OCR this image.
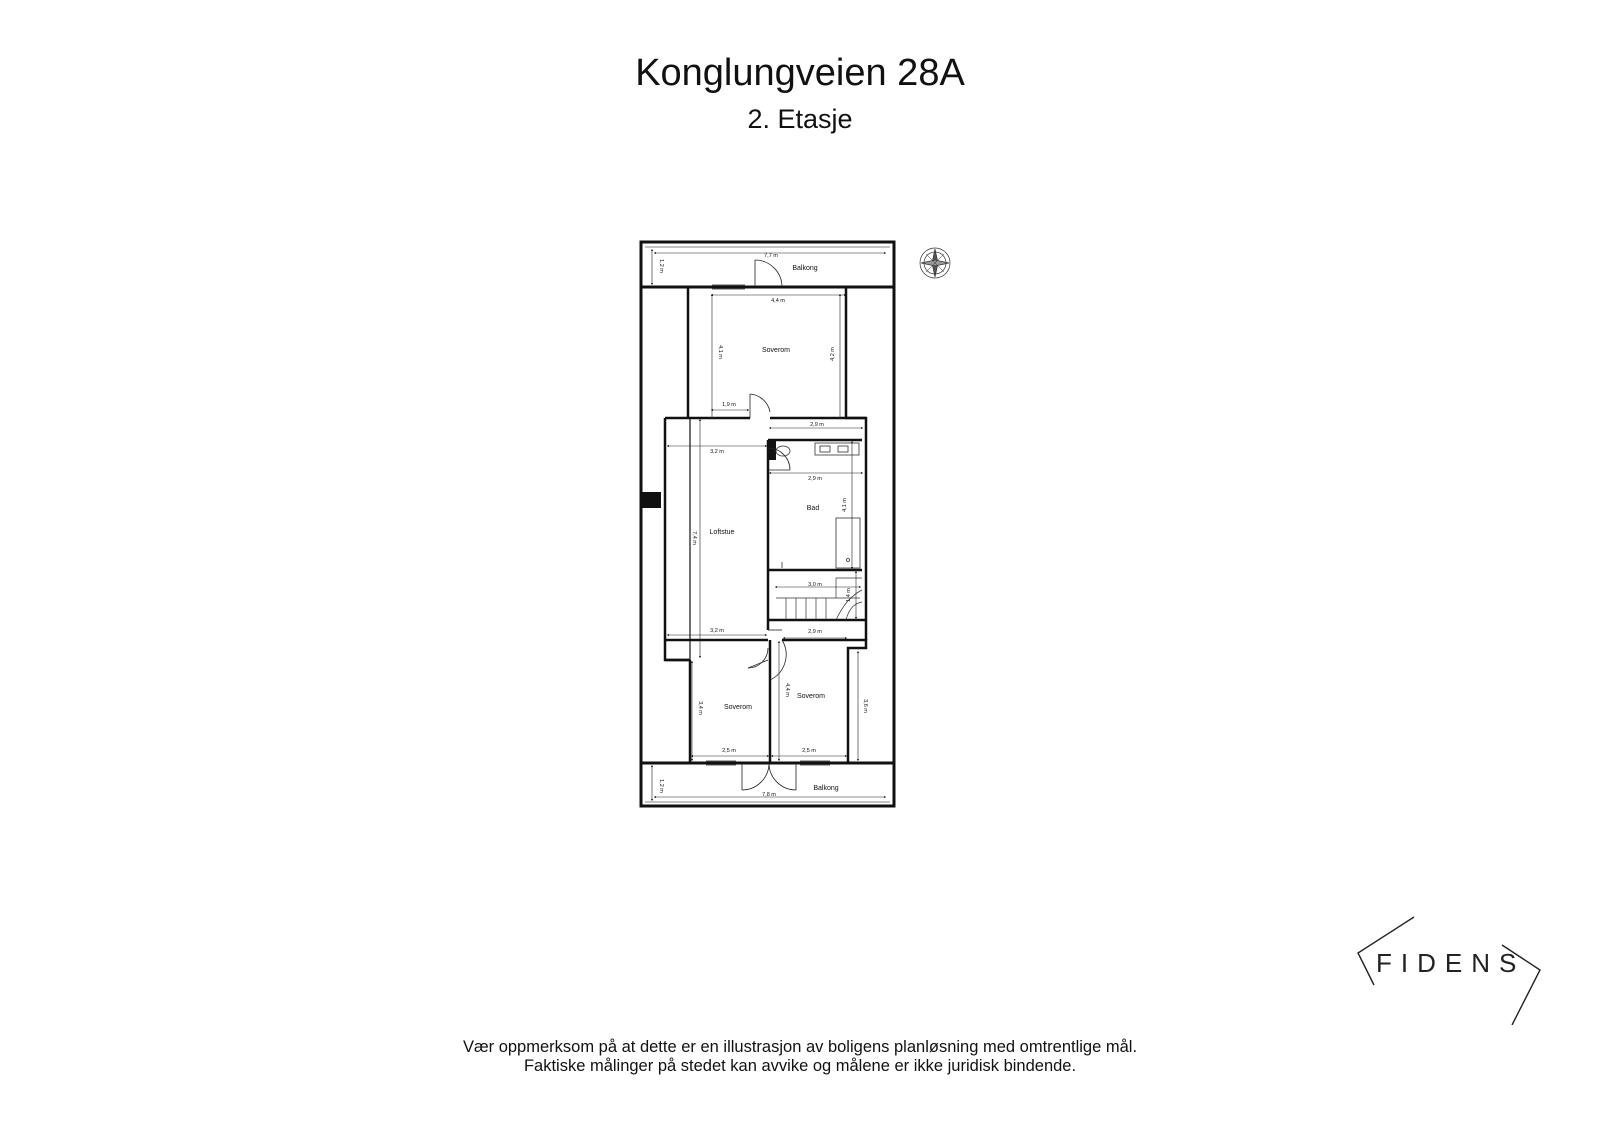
Konglungveien 28A
2. Etasje
Balkong
Soverom
Loftstue
Bad
Soverom
Soverom
Balkong
7,7 m
1,2 m
4,4 m
4,1 m	4,2 m
1,9 m
2,9 m
3,2 m
7,4 m
3,2 m
2,9 m
4,1 m
3,0 m
1,4 m
2,9 m
3,4 m
2,5 m
4,4 m
2,5 m
3,6 m
7,8 m
1,2 m
FIDENS
Vær oppmerksom på at dette er en illustrasjon av boligens planløsning med omtrentlige mål.
Faktiske målinger på stedet kan avvike og målene er ikke juridisk bindende.
